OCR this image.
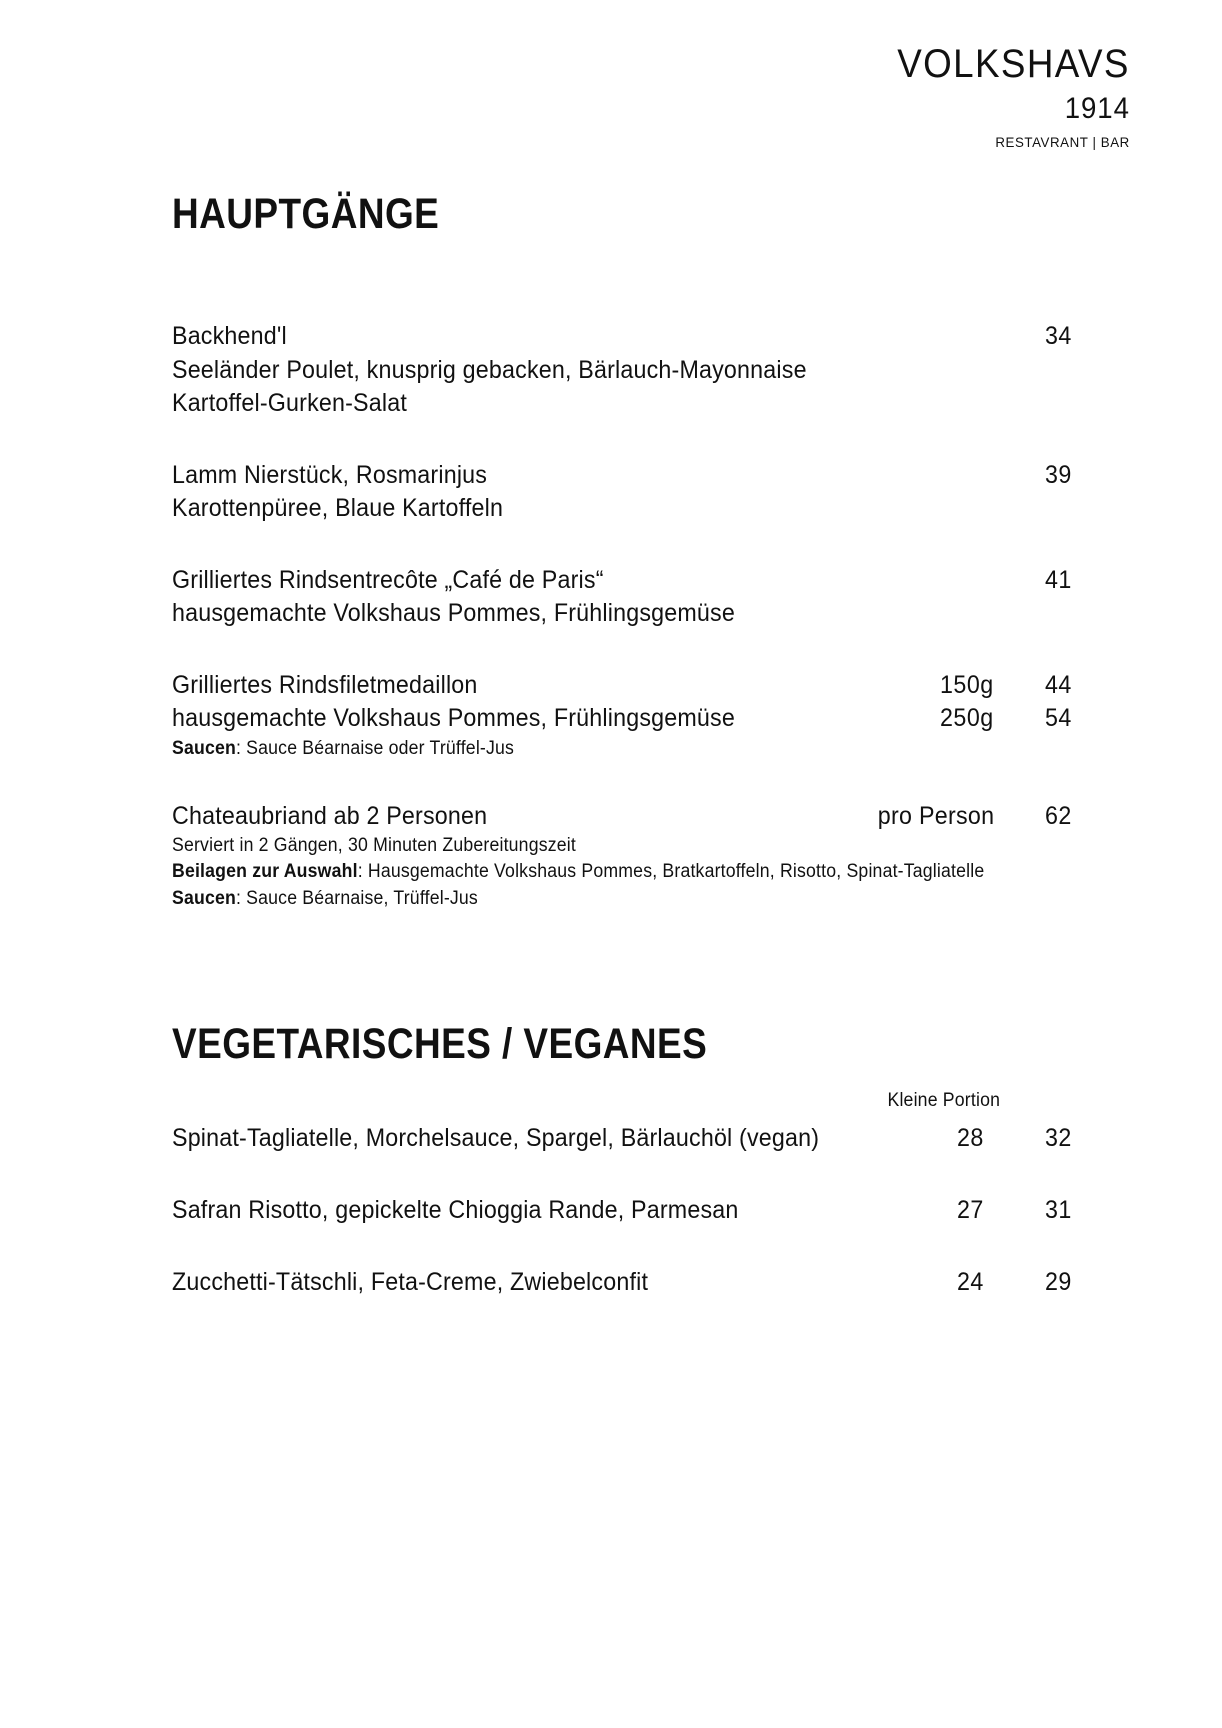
VOLKSHAVS
1914
RESTAVRANT | BAR
HAUPTGÄNGE
Backhend'l	34
Seeländer Poulet, knusprig gebacken, Bärlauch-Mayonnaise
Kartoffel-Gurken-Salat
Lamm Nierstück, Rosmarinjus	39
Karottenpüree, Blaue Kartoffeln
Grilliertes Rindsentrecôte „Café de Paris“	41
hausgemachte Volkshaus Pommes, Frühlingsgemüse
Grilliertes Rindsfiletmedaillon	150g 44
hausgemachte Volkshaus Pommes, Frühlingsgemüse	250g 54
Saucen: Sauce Béarnaise oder Trüffel-Jus
Chateaubriand ab 2 Personen	pro Person 62
Serviert in 2 Gängen, 30 Minuten Zubereitungszeit
Beilagen zur Auswahl: Hausgemachte Volkshaus Pommes, Bratkartoffeln, Risotto, Spinat-Tagliatelle
Saucen: Sauce Béarnaise, Trüffel-Jus
VEGETARISCHES / VEGANES
Kleine Portion
Spinat-Tagliatelle, Morchelsauce, Spargel, Bärlauchöl (vegan)	28 32
Safran Risotto, gepickelte Chioggia Rande, Parmesan	27 31
Zucchetti-Tätschli, Feta-Creme, Zwiebelconfit	24 29
